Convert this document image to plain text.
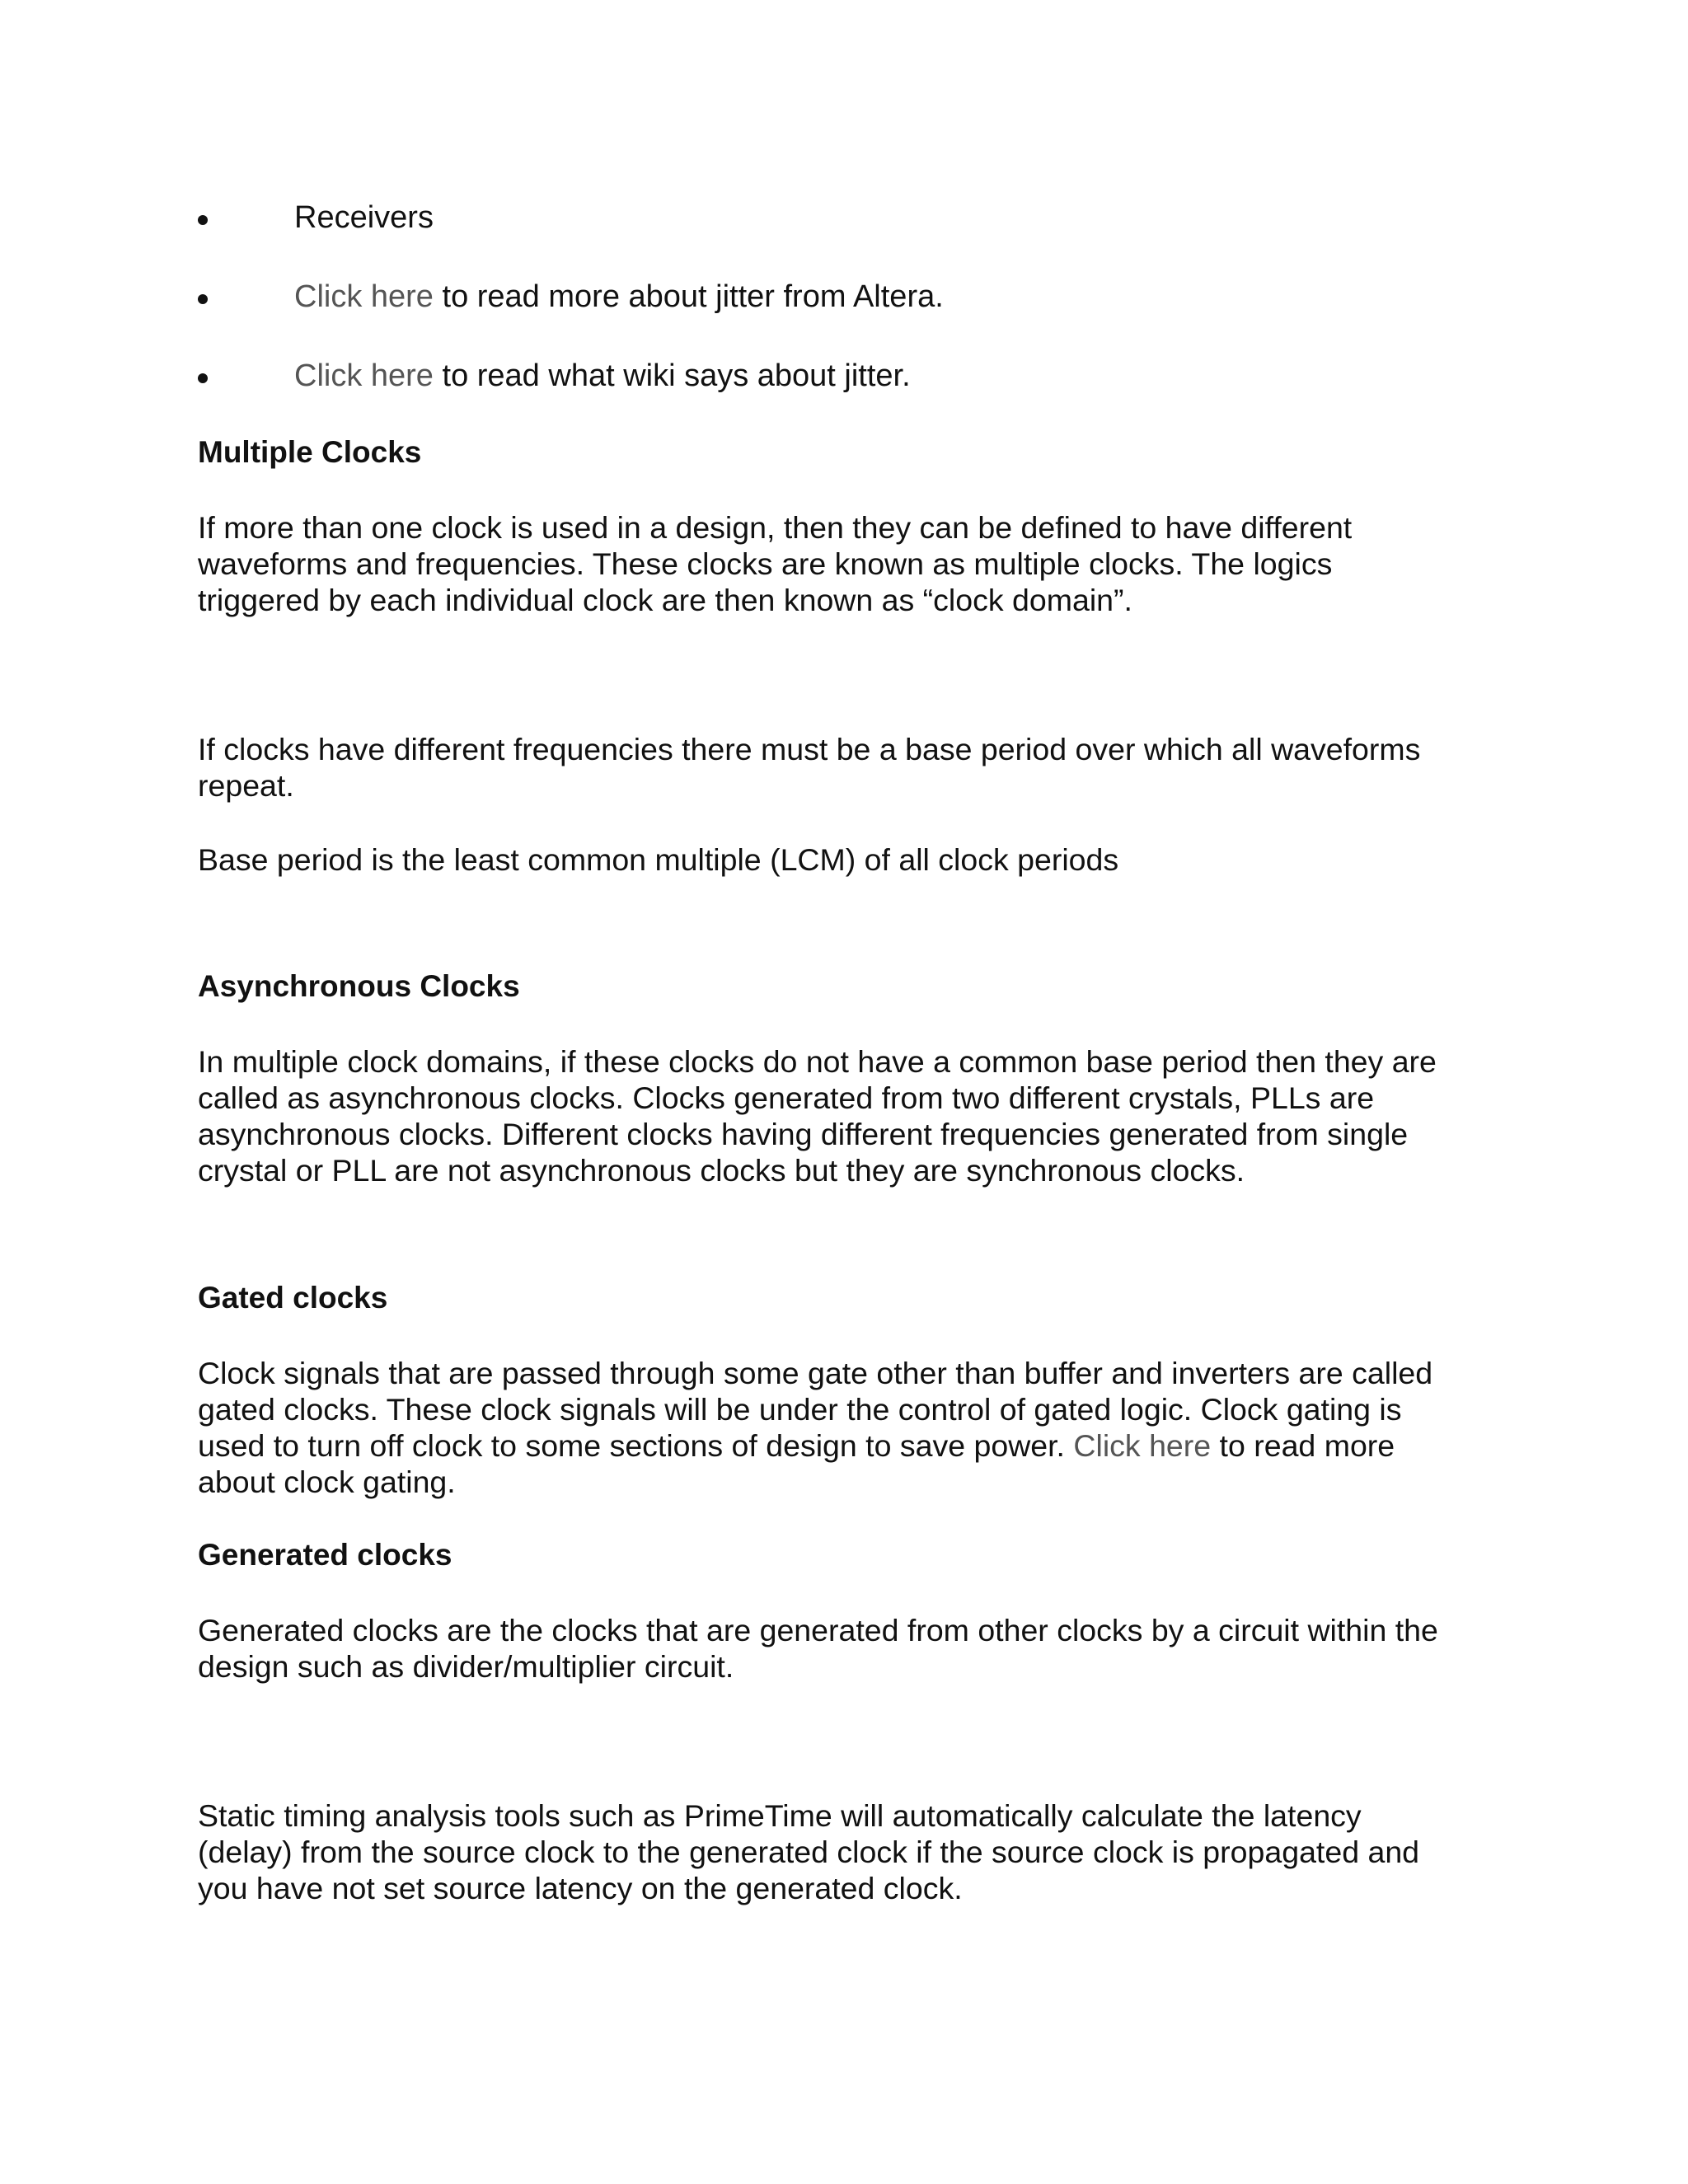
Receivers
Click here to read more about jitter from Altera.
Click here to read what wiki says about jitter.
Multiple Clocks
If more than one clock is used in a design, then they can be defined to have different
waveforms and frequencies. These clocks are known as multiple clocks. The logics
triggered by each individual clock are then known as “clock domain”.
If clocks have different frequencies there must be a base period over which all waveforms
repeat.
Base period is the least common multiple (LCM) of all clock periods
Asynchronous Clocks
In multiple clock domains, if these clocks do not have a common base period then they are
called as asynchronous clocks. Clocks generated from two different crystals, PLLs are
asynchronous clocks. Different clocks having different frequencies generated from single
crystal or PLL are not asynchronous clocks but they are synchronous clocks.
Gated clocks
Clock signals that are passed through some gate other than buffer and inverters are called
gated clocks. These clock signals will be under the control of gated logic. Clock gating is
used to turn off clock to some sections of design to save power. Click here to read more
about clock gating.
Generated clocks
Generated clocks are the clocks that are generated from other clocks by a circuit within the
design such as divider/multiplier circuit.
Static timing analysis tools such as PrimeTime will automatically calculate the latency
(delay) from the source clock to the generated clock if the source clock is propagated and
you have not set source latency on the generated clock.
